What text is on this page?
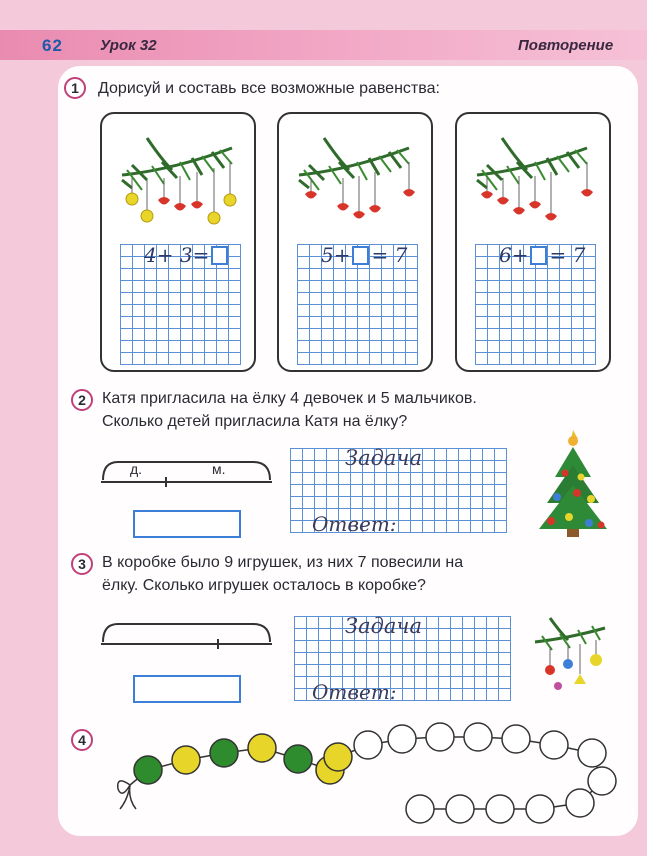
62 Урок 32	Повторение
1	Дорисуй и составь все возможные равенства:
4+ 3=	5+ = 7	6+ = 7
2	Катя пригласила на ёлку 4 девочек и 5 мальчиков.
Сколько детей пригласила Катя на ёлку?
д.	м.	Задача
Ответ:
3	В коробке было 9 игрушек, из них 7 повесили на
ёлку. Сколько игрушек осталось в коробке?
Задача
Ответ:
4
